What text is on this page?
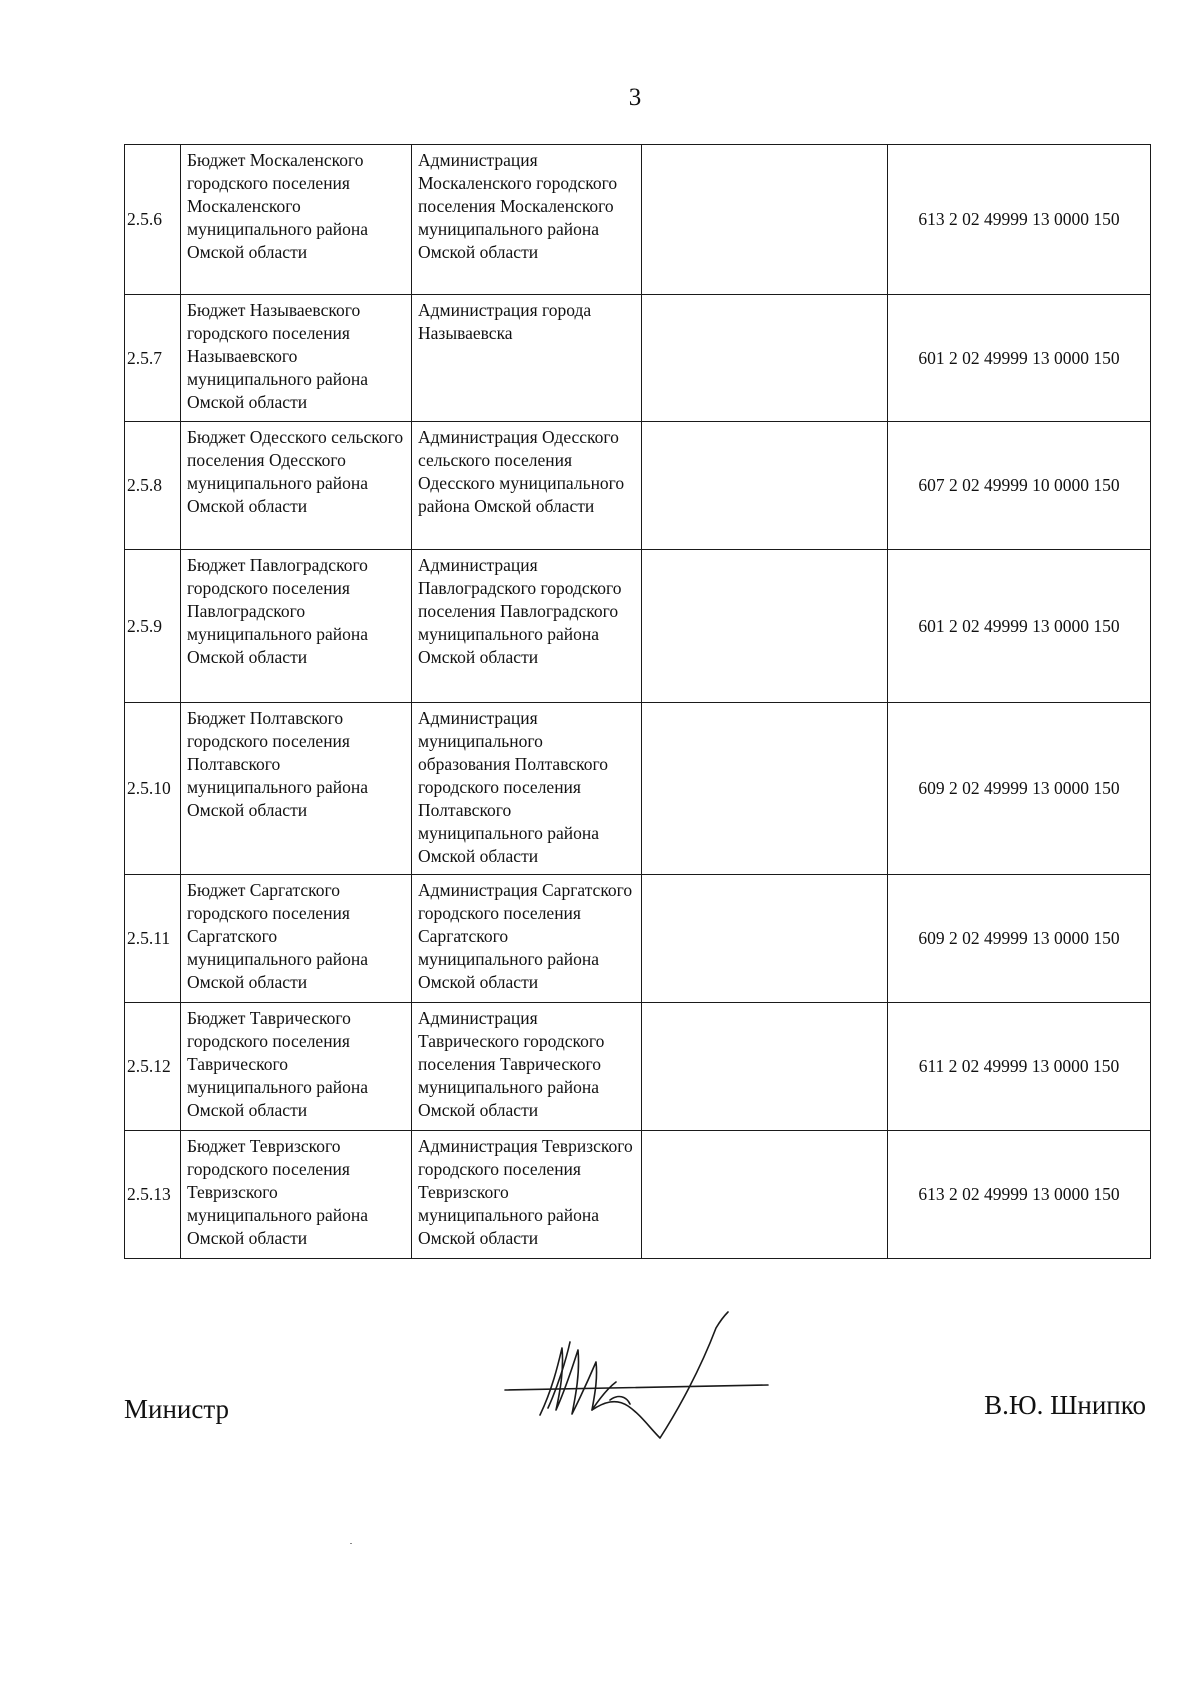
3
2.5.6	Бюджет Москаленского городского поселения Москаленского муниципального района Омской области	Администрация Москаленского городского поселения Москаленского муниципального района Омской области		613 2 02 49999 13 0000 150
2.5.7	Бюджет Называевского городского поселения Называевского муниципального района Омской области	Администрация города Называевска		601 2 02 49999 13 0000 150
2.5.8	Бюджет Одесского сельского поселения Одесского муниципального района Омской области	Администрация Одесского сельского поселения Одесского муниципального района Омской области		607 2 02 49999 10 0000 150
2.5.9	Бюджет Павлоградского городского поселения Павлоградского муниципального района Омской области	Администрация Павлоградского городского поселения Павлоградского муниципального района Омской области		601 2 02 49999 13 0000 150
2.5.10	Бюджет Полтавского городского поселения Полтавского муниципального района Омской области	Администрация муниципального образования Полтавского городского поселения Полтавского муниципального района Омской области		609 2 02 49999 13 0000 150
2.5.11	Бюджет Саргатского городского поселения Саргатского муниципального района Омской области	Администрация Саргатского городского поселения Саргатского муниципального района Омской области		609 2 02 49999 13 0000 150
2.5.12	Бюджет Таврического городского поселения Таврического муниципального района Омской области	Администрация Таврического городского поселения Таврического муниципального района Омской области		611 2 02 49999 13 0000 150
2.5.13	Бюджет Тевризского городского поселения Тевризского муниципального района Омской области	Администрация Тевризского городского поселения Тевризского муниципального района Омской области		613 2 02 49999 13 0000 150
Министр	В.Ю. Шнипко
